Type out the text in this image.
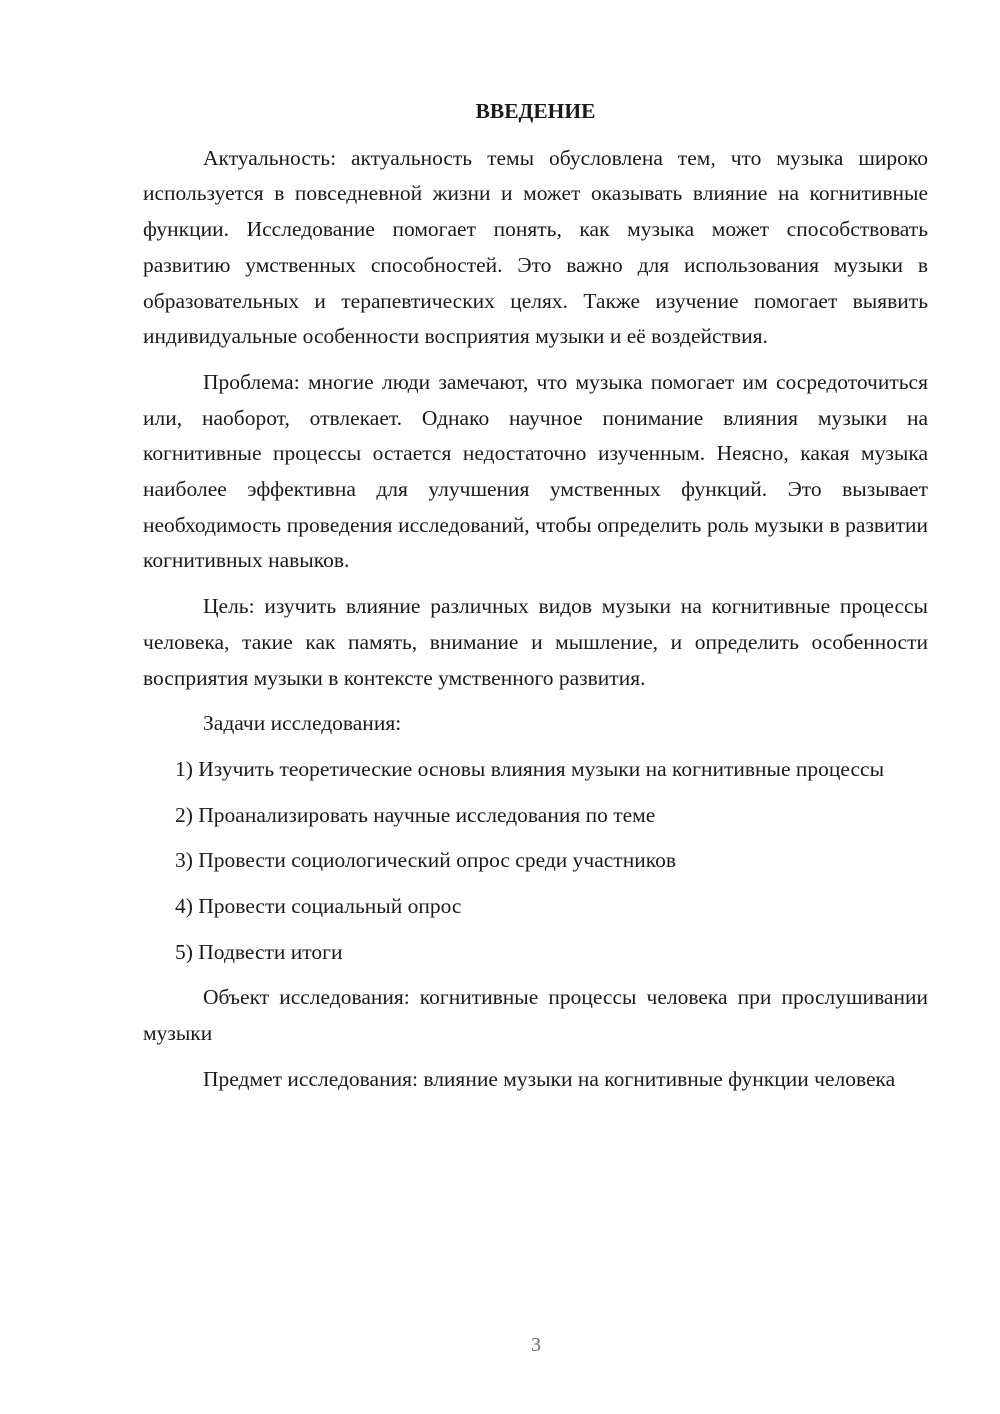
ВВЕДЕНИЕ

Актуальность: актуальность темы обусловлена тем, что музыка широко используется в повседневной жизни и может оказывать влияние на когнитивные функции. Исследование помогает понять, как музыка может способствовать развитию умственных способностей. Это важно для использования музыки в образовательных и терапевтических целях. Также изучение помогает выявить индивидуальные особенности восприятия музыки и её воздействия.

Проблема: многие люди замечают, что музыка помогает им сосредоточиться или, наоборот, отвлекает. Однако научное понимание влияния музыки на когнитивные процессы остается недостаточно изученным. Неясно, какая музыка наиболее эффективна для улучшения умственных функций. Это вызывает необходимость проведения исследований, чтобы определить роль музыки в развитии когнитивных навыков.

Цель: изучить влияние различных видов музыки на когнитивные процессы человека, такие как память, внимание и мышление, и определить особенности восприятия музыки в контексте умственного развития.

Задачи исследования:

1) Изучить теоретические основы влияния музыки на когнитивные процессы

2) Проанализировать научные исследования по теме

3) Провести социологический опрос среди участников

4) Провести социальный опрос

5) Подвести итоги

Объект исследования: когнитивные процессы человека при прослушивании музыки

Предмет исследования: влияние музыки на когнитивные функции человека

3
